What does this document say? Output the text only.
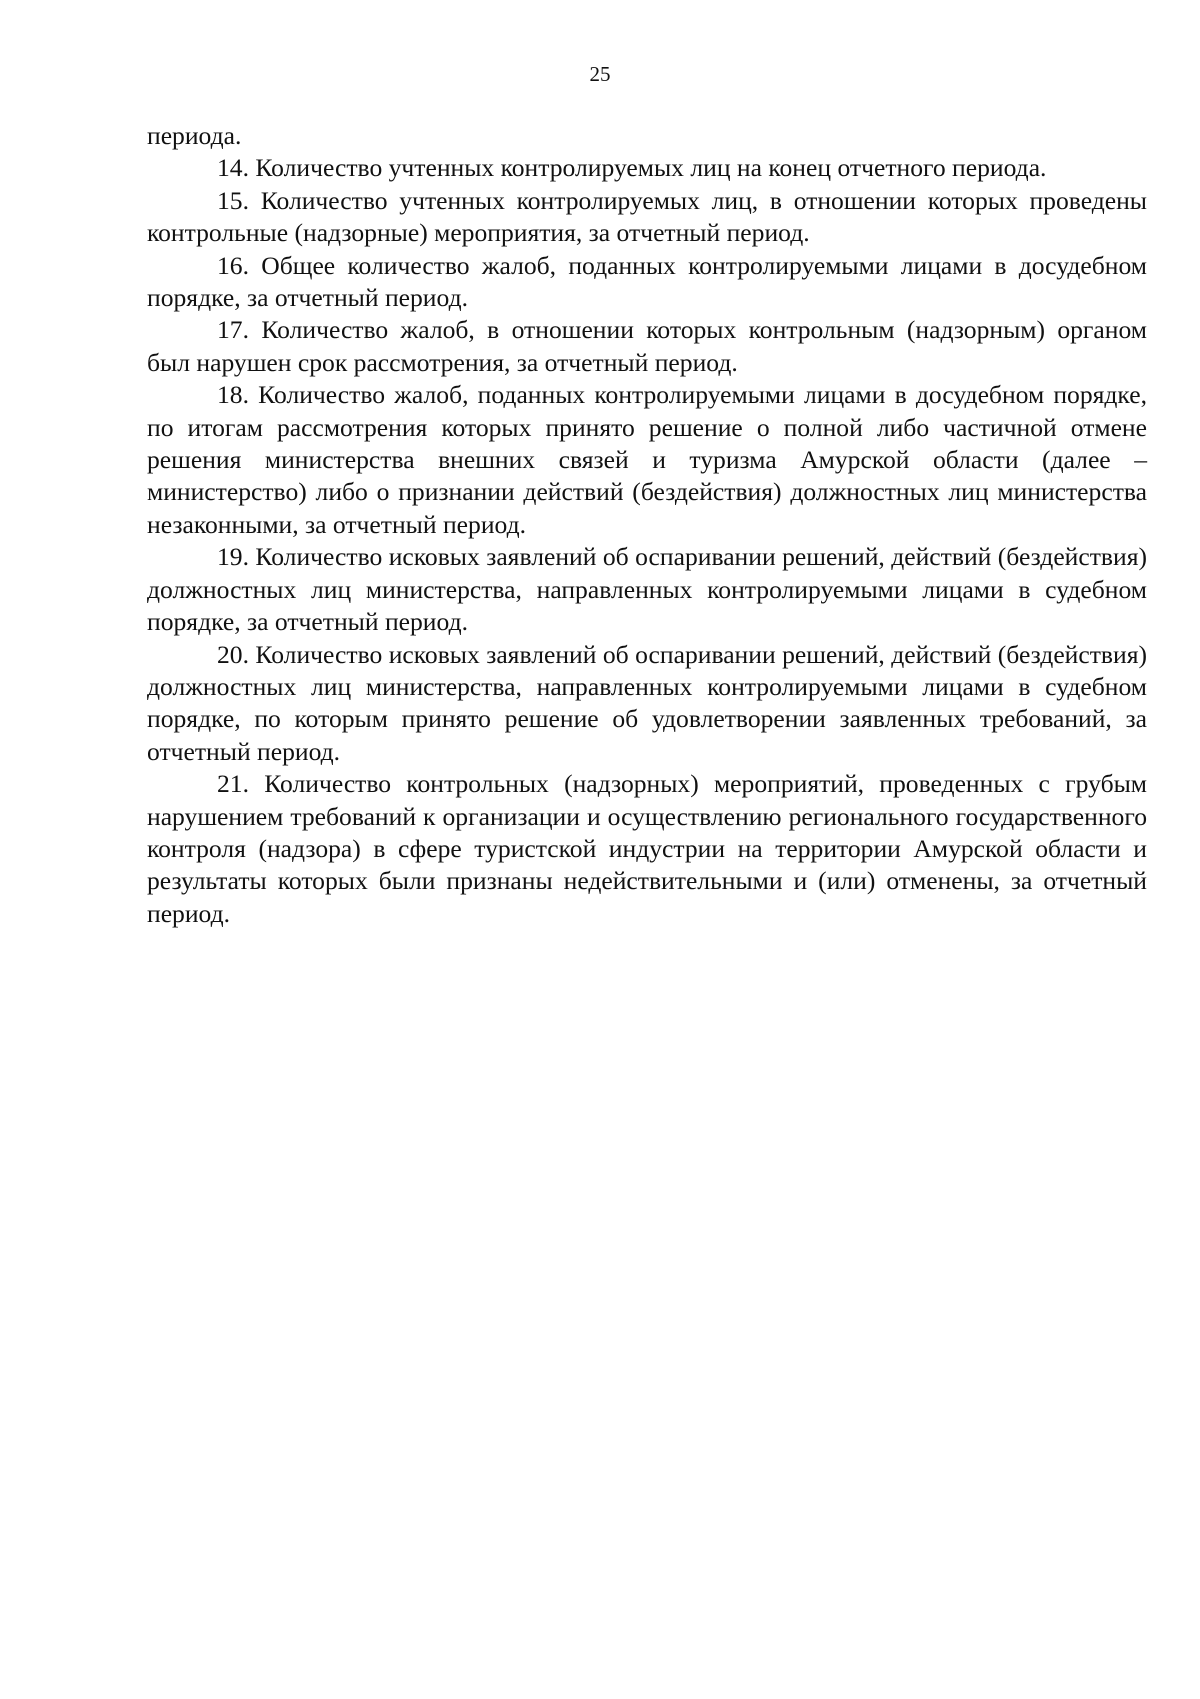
25

периода.

14. Количество учтенных контролируемых лиц на конец отчетного периода.

15. Количество учтенных контролируемых лиц, в отношении которых проведены контрольные (надзорные) мероприятия, за отчетный период.

16. Общее количество жалоб, поданных контролируемыми лицами в досудебном порядке, за отчетный период.

17. Количество жалоб, в отношении которых контрольным (надзорным) органом был нарушен срок рассмотрения, за отчетный период.

18. Количество жалоб, поданных контролируемыми лицами в досудебном порядке, по итогам рассмотрения которых принято решение о полной либо частичной отмене решения министерства внешних связей и туризма Амурской области (далее – министерство) либо о признании действий (бездействия) должностных лиц министерства незаконными, за отчетный период.

19. Количество исковых заявлений об оспаривании решений, действий (бездействия) должностных лиц министерства, направленных контролируемыми лицами в судебном порядке, за отчетный период.

20. Количество исковых заявлений об оспаривании решений, действий (бездействия) должностных лиц министерства, направленных контролируемыми лицами в судебном порядке, по которым принято решение об удовлетворении заявленных требований, за отчетный период.

21. Количество контрольных (надзорных) мероприятий, проведенных с грубым нарушением требований к организации и осуществлению регионального государственного контроля (надзора) в сфере туристской индустрии на территории Амурской области и результаты которых были признаны недействительными и (или) отменены, за отчетный период.
